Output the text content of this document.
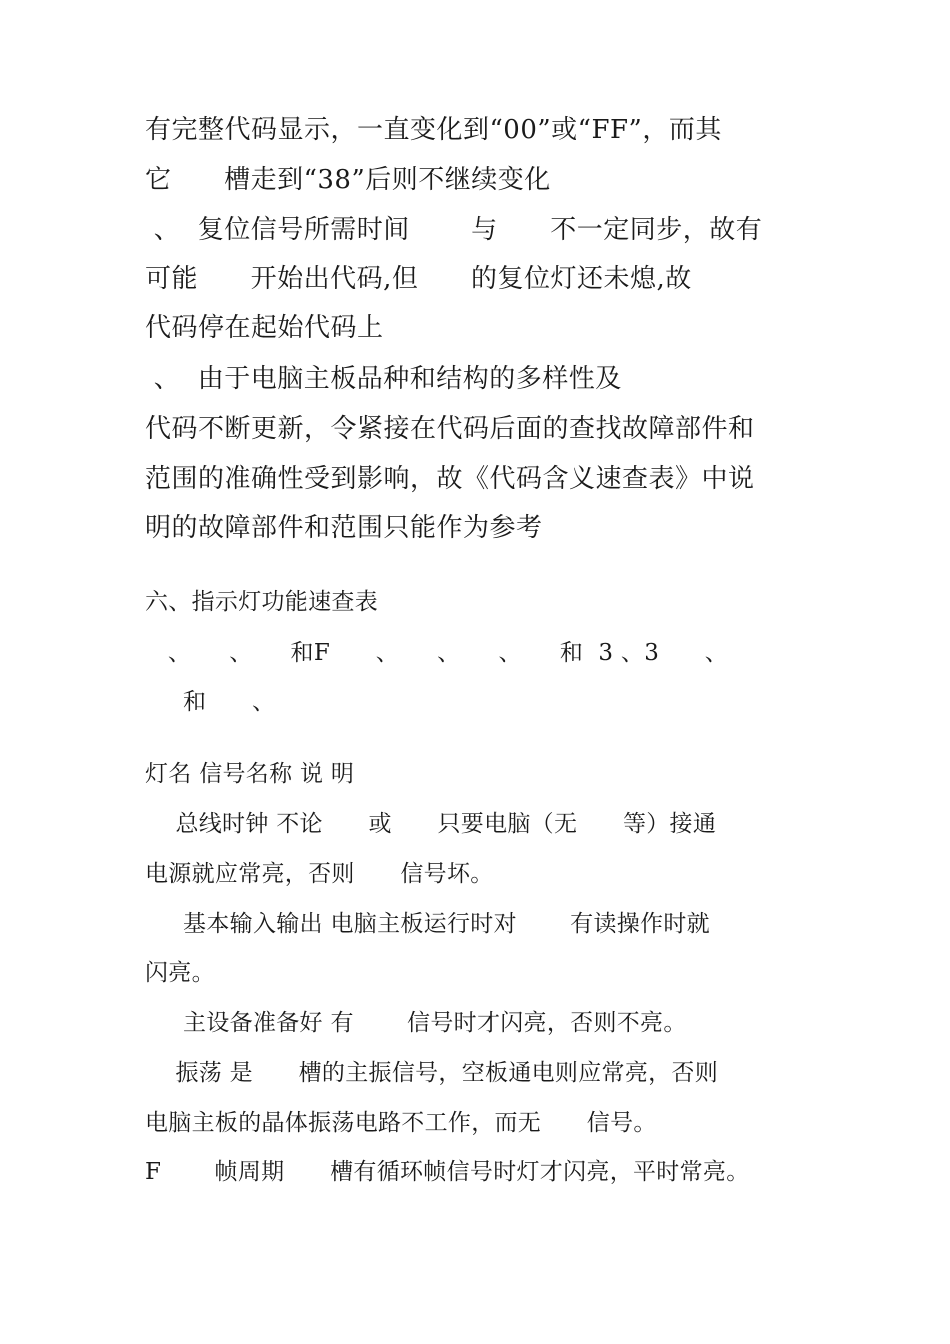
有完整代码显示，一直变化到“00”或“FF”，而其
它      槽走到“38”后则不继续变化
、  复位信号所需时间       与      不一定同步，故有
可能      开始出代码,但      的复位灯还未熄,故
代码停在起始代码上
、  由于电脑主板品种和结构的多样性及
代码不断更新，令紧接在代码后面的查找故障部件和
范围的准确性受到影响，故《代码含义速查表》中说
明的故障部件和范围只能作为参考
六、指示灯功能速查表
、     、     和F      、     、     、     和  3 、3      、
和      、
灯名 信号名称 说 明
总线时钟 不论      或      只要电脑（无      等）接通
电源就应常亮，否则      信号坏。
基本输入输出 电脑主板运行时对       有读操作时就
闪亮。
主设备准备好 有       信号时才闪亮，否则不亮。
振荡 是      槽的主振信号，空板通电则应常亮，否则
电脑主板的晶体振荡电路不工作，而无      信号。
F       帧周期      槽有循环帧信号时灯才闪亮，平时常亮。
